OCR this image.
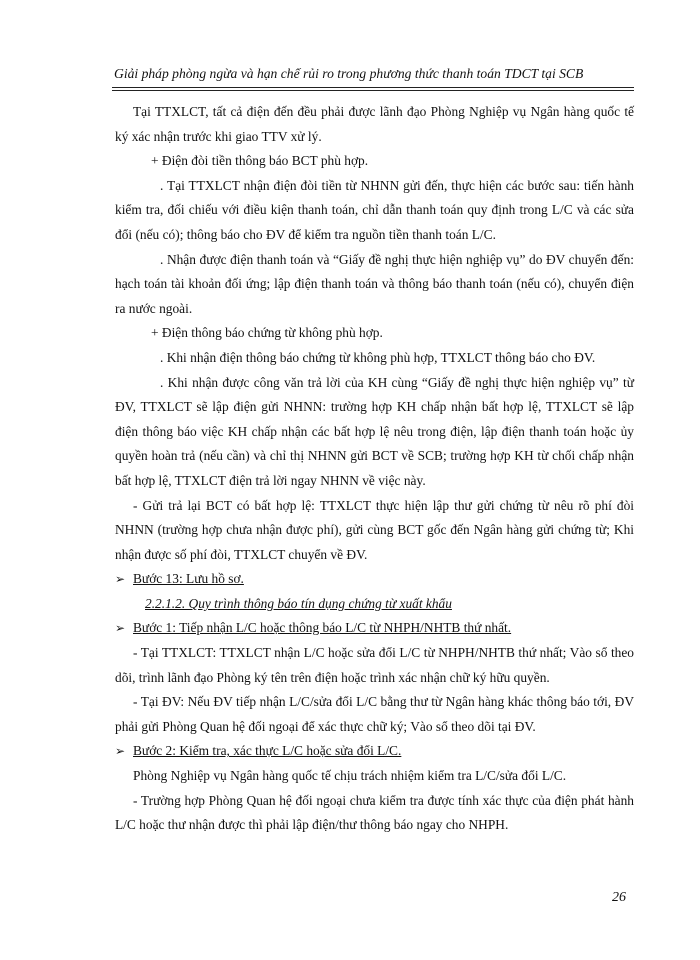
Giải pháp phòng ngừa và hạn chế rủi ro trong phương thức thanh toán TDCT tại SCB

Tại TTXLCT, tất cả điện đến đều phải được lãnh đạo Phòng Nghiệp vụ Ngân hàng quốc tế ký xác nhận trước khi giao TTV xử lý.

+ Điện đòi tiền thông báo BCT phù hợp.

. Tại TTXLCT nhận điện đòi tiền từ NHNN gửi đến, thực hiện các bước sau: tiến hành kiểm tra, đối chiếu với điều kiện thanh toán, chỉ dẫn thanh toán quy định trong L/C và các sửa đổi (nếu có); thông báo cho ĐV để kiểm tra nguồn tiền thanh toán L/C.

. Nhận được điện thanh toán và “Giấy đề nghị thực hiện nghiệp vụ” do ĐV chuyển đến: hạch toán tài khoản đối ứng; lập điện thanh toán và thông báo thanh toán (nếu có), chuyển điện ra nước ngoài.

+ Điện thông báo chứng từ không phù hợp.

. Khi nhận điện thông báo chứng từ không phù hợp, TTXLCT thông báo cho ĐV.

. Khi nhận được công văn trả lời của KH cùng “Giấy đề nghị thực hiện nghiệp vụ” từ ĐV, TTXLCT sẽ lập điện gửi NHNN: trường hợp KH chấp nhận bất hợp lệ, TTXLCT sẽ lập điện thông báo việc KH chấp nhận các bất hợp lệ nêu trong điện, lập điện thanh toán hoặc ủy quyền hoàn trả (nếu cần) và chỉ thị NHNN gửi BCT về SCB; trường hợp KH từ chối chấp nhận bất hợp lệ, TTXLCT điện trả lời ngay NHNN về việc này.

- Gửi trả lại BCT có bất hợp lệ: TTXLCT thực hiện lập thư gửi chứng từ nêu rõ phí đòi NHNN (trường hợp chưa nhận được phí), gửi cùng BCT gốc đến Ngân hàng gửi chứng từ; Khi nhận được số phí đòi, TTXLCT chuyển về ĐV.

➢ Bước 13: Lưu hồ sơ.
2.2.1.2. Quy trình thông báo tín dụng chứng từ xuất khẩu
➢ Bước 1: Tiếp nhận L/C hoặc thông báo L/C từ NHPH/NHTB thứ nhất.

- Tại TTXLCT: TTXLCT nhận L/C hoặc sửa đổi L/C từ NHPH/NHTB thứ nhất; Vào sổ theo dõi, trình lãnh đạo Phòng ký tên trên điện hoặc trình xác nhận chữ ký hữu quyền.

- Tại ĐV: Nếu ĐV tiếp nhận L/C/sửa đổi L/C bằng thư từ Ngân hàng khác thông báo tới, ĐV phải gửi Phòng Quan hệ đối ngoại để xác thực chữ ký; Vào sổ theo dõi tại ĐV.

➢ Bước 2: Kiểm tra, xác thực L/C hoặc sửa đổi L/C.

Phòng Nghiệp vụ Ngân hàng quốc tế chịu trách nhiệm kiểm tra L/C/sửa đổi L/C.

- Trường hợp Phòng Quan hệ đối ngoại chưa kiểm tra được tính xác thực của điện phát hành L/C hoặc thư nhận được thì phải lập điện/thư thông báo ngay cho NHPH.

26
